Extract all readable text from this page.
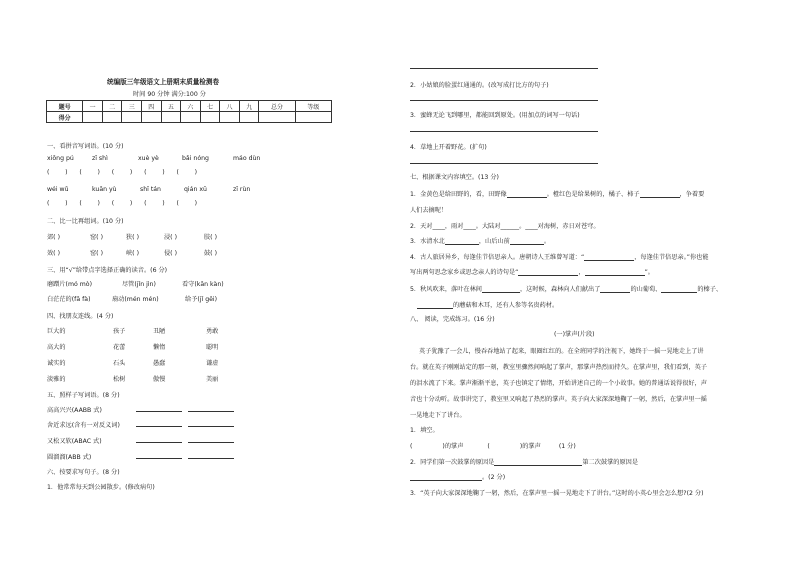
统编版三年级语文上册期末质量检测卷
时间 90 分钟 满分:100 分
题号	一	二	三	四	五	六	七	八	九	总分	等级
得分											
一、看拼音写词语。(10 分)
xiōng pú	zī shì	xuè yè	bǎi nóng	máo dùn
(        )      (        )      (        )      (        )      (        )
wéi wǔ	kuān yù	shī tán	qián xū	zī rùn
(        )      (        )      (        )      (        )      (        )
二、比一比再组词。(10 分)
郊( )	窑( )	狭( )	浸( )	肢( )
效( )	窑( )	峡( )	侵( )	鼓( )
三、用“√”给带点字选择正确的读音。(6 分)
磨蹭片(mó mò)	尽管(jǐn jìn)	看守(kān kàn)
白茫茫的(fā fà)	扇动(mén mén)	给予(jǐ gěi)
四、找朋友连线。(4 分)
巨大的	孩子	丑陋	勇敢
高大的	花蕾	懒惰	聪明
诚实的	石头	愚蠢	谦虚
淡雅的	松树	傲慢	美丽
五、照样子写词语。(8 分)
高高兴兴(AABB 式)
舍近求远(含有一对反义词)
又松又软(ABAC 式)
圆溜溜(ABB 式)
六、按要求写句子。(8 分)
1．他常常每天到公园散步。(修改病句)
2．小姑娘的脸蛋红通通的。(改写成打比方的句子)
3．蜜蜂无论飞到哪里，都能回到原处。(用加点的词写一句话)
4．草地上开着野花。(扩句)
七、根据课文内容填空。(13 分)
1．金黄色是给田野的，看，田野像	。橙红色是给果树的，橘子、柿子	，争着要
人们去摘呢！
2．天对____，雨对____。大陆对______。____对海树，赤日对苍穹。
3．水清水北	，山后山前	。
4．古人旅居异乡，每逢佳节倍思亲人。唐朝诗人王维曾写道：“	，每逢佳节倍思亲。”你也能
写出两句思念家乡或思念亲人的诗句是“	，	”。
5．秋风吹来，落叶在林间	，这时候，森林向人们献出了	的山葡萄、	的榛子、
的蘑菇和木耳，还有人参等名贵药材。
八、 阅读，完成练习。(16 分)
(一)掌声(片段)
英子犹豫了一会儿，慢吞吞地站了起来，眼圈红红的。在全班同学的注视下，她终于一摇一晃地走上了讲
台。就在英子刚刚站定的那一刻，教室里骤然间响起了掌声，那掌声热烈而持久。在掌声里，我们看到，英子
的泪水流了下来。掌声渐渐平息，英子也镇定了情绪，开始讲述自己的一个小故事。她的普通话说得很好，声
音也十分动听。故事讲完了，教室里又响起了热烈的掌声。英子向大家深深地鞠了一躬，然后，在掌声里一摇
一晃地走下了讲台。
1．填空。
(	)的掌声	(	)的掌声	(1 分)
2．同学们第一次鼓掌的原因是	第二次鼓掌的原因是
。(2 分)
3．“英子向大家深深地鞠了一躬，然后，在掌声里一摇一晃地走下了讲台。”这时的小英心里会怎么想?(2 分)
